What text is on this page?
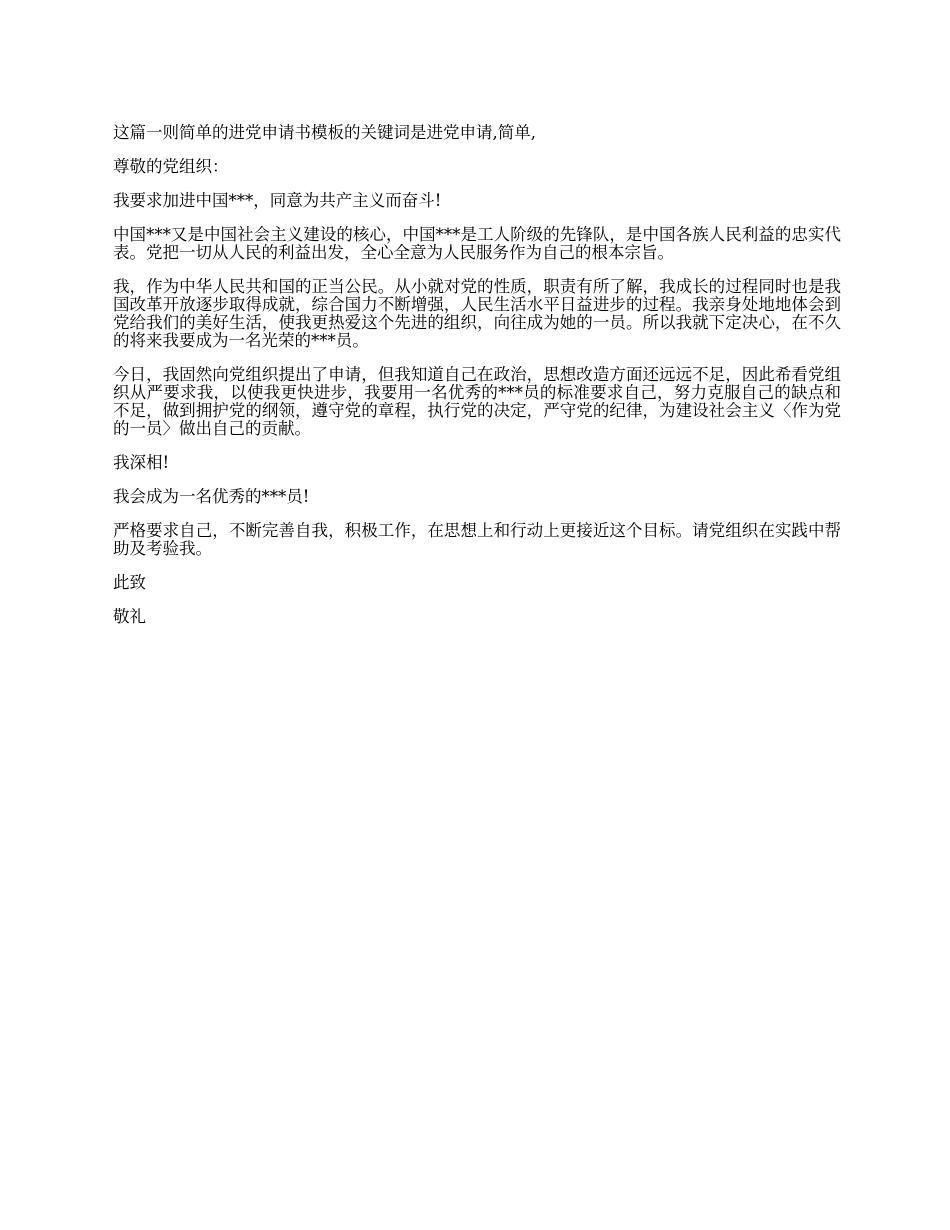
这篇一则简单的进党申请书模板的关键词是进党申请,简单,

尊敬的党组织：

我要求加进中国***，同意为共产主义而奋斗!

中国***又是中国社会主义建设的核心，中国***是工人阶级的先锋队，是中国各族人民利益的忠实代表。党把一切从人民的利益出发，全心全意为人民服务作为自己的根本宗旨。

我，作为中华人民共和国的正当公民。从小就对党的性质，职责有所了解，我成长的过程同时也是我国改革开放逐步取得成就，综合国力不断增强，人民生活水平日益进步的过程。我亲身处地地体会到党给我们的美好生活，使我更热爱这个先进的组织，向往成为她的一员。所以我就下定决心，在不久的将来我要成为一名光荣的***员。

今日，我固然向党组织提出了申请，但我知道自己在政治，思想改造方面还远远不足，因此希看党组织从严要求我，以使我更快进步，我要用一名优秀的***员的标准要求自己，努力克服自己的缺点和不足，做到拥护党的纲领，遵守党的章程，执行党的决定，严守党的纪律，为建设社会主义〈作为党的一员〉做出自己的贡献。

我深相!

我会成为一名优秀的***员!

严格要求自己，不断完善自我，积极工作，在思想上和行动上更接近这个目标。请党组织在实践中帮助及考验我。

此致

敬礼
